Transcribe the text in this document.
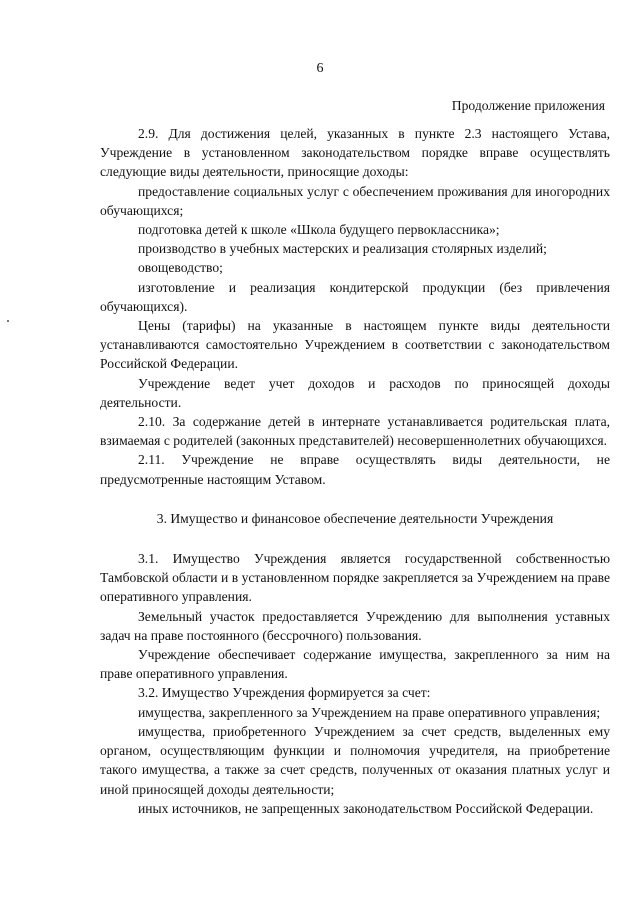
6
Продолжение приложения

2.9. Для достижения целей, указанных в пункте 2.3 настоящего Устава, Учреждение в установленном законодательством порядке вправе осуществлять следующие виды деятельности, приносящие доходы:

предоставление социальных услуг с обеспечением проживания для иногородних обучающихся;

подготовка детей к школе «Школа будущего первоклассника»;

производство в учебных мастерских и реализация столярных изделий;

овощеводство;

изготовление и реализация кондитерской продукции (без привлечения обучающихся).

Цены (тарифы) на указанные в настоящем пункте виды деятельности устанавливаются самостоятельно Учреждением в соответствии с законодательством Российской Федерации.

Учреждение ведет учет доходов и расходов по приносящей доходы деятельности.

2.10. За содержание детей в интернате устанавливается родительская плата, взимаемая с родителей (законных представителей) несовершеннолетних обучающихся.

2.11. Учреждение не вправе осуществлять виды деятельности, не предусмотренные настоящим Уставом.

3. Имущество и финансовое обеспечение деятельности Учреждения

3.1. Имущество Учреждения является государственной собственностью Тамбовской области и в установленном порядке закрепляется за Учреждением на праве оперативного управления.

Земельный участок предоставляется Учреждению для выполнения уставных задач на праве постоянного (бессрочного) пользования.

Учреждение обеспечивает содержание имущества, закрепленного за ним на праве оперативного управления.

3.2. Имущество Учреждения формируется за счет:

имущества, закрепленного за Учреждением на праве оперативного управления;

имущества, приобретенного Учреждением за счет средств, выделенных ему органом, осуществляющим функции и полномочия учредителя, на приобретение такого имущества, а также за счет средств, полученных от оказания платных услуг и иной приносящей доходы деятельности;

иных источников, не запрещенных законодательством Российской Федерации.
